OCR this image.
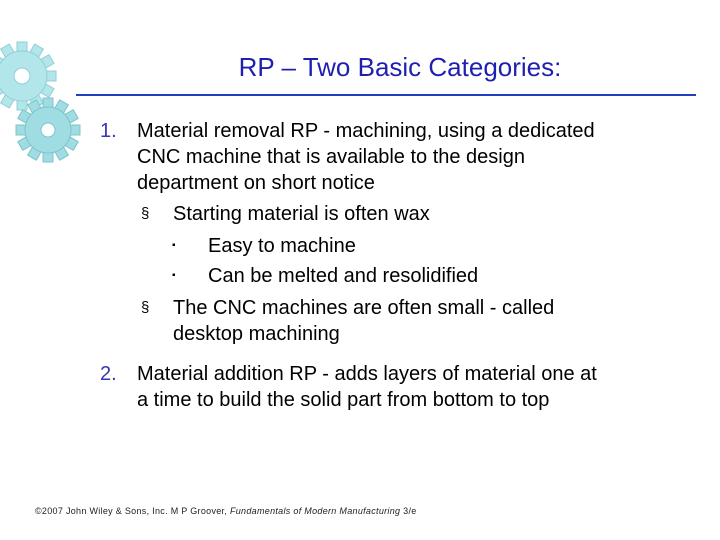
RP – Two Basic Categories:
1. Material removal RP - machining, using a dedicated
CNC machine that is available to the design
department on short notice
§ Starting material is often wax
▪ Easy to machine
▪ Can be melted and resolidified
§ The CNC machines are often small - called
desktop machining
2. Material addition RP - adds layers of material one at
a time to build the solid part from bottom to top
©2007 John Wiley & Sons, Inc. M P Groover, Fundamentals of Modern Manufacturing 3/e
